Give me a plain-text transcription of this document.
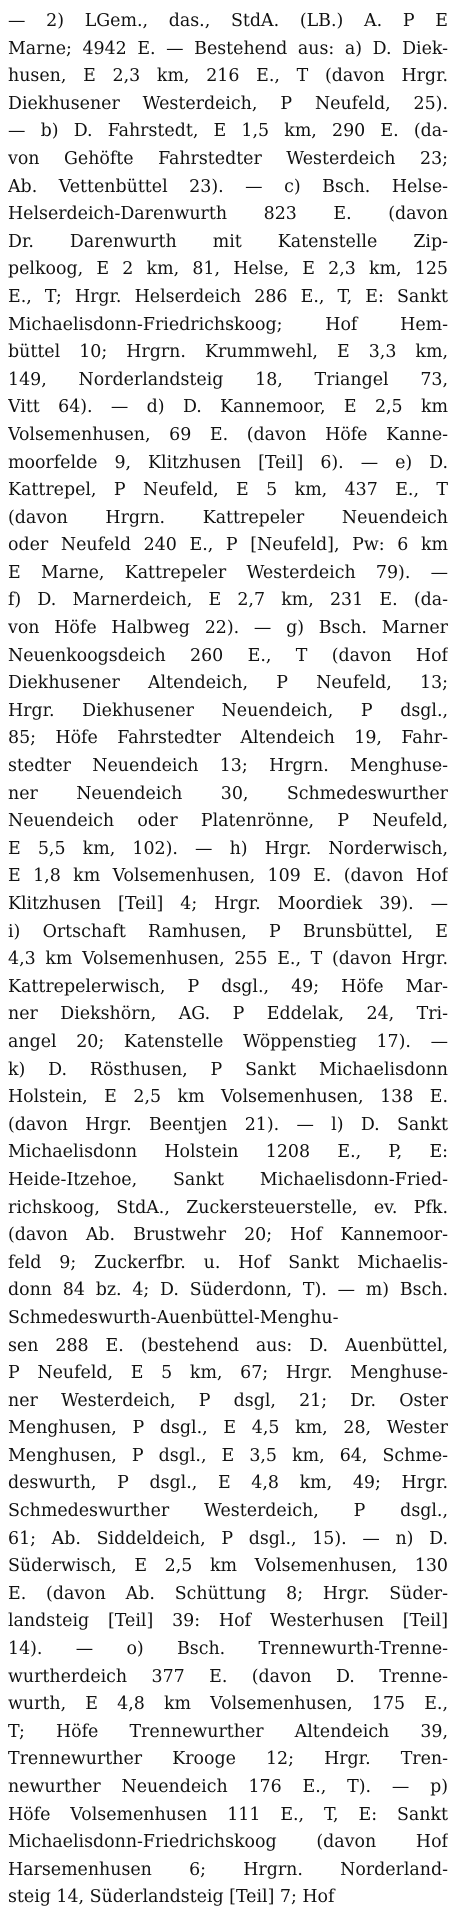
— 2) LGem., das., StdA. (LB.) A. P E
Marne; 4942 E. — Bestehend aus: a) D. Diek-
husen, E 2,3 km, 216 E., T (davon Hrgr.
Diekhusener Westerdeich, P Neufeld, 25).
— b) D. Fahrstedt, E 1,5 km, 290 E. (da-
von Gehöfte Fahrstedter Westerdeich 23;
Ab. Vettenbüttel 23). — c) Bsch. Helse-
Helserdeich-Darenwurth 823 E. (davon
Dr. Darenwurth mit Katenstelle Zip-
pelkoog, E 2 km, 81, Helse, E 2,3 km, 125
E., T; Hrgr. Helserdeich 286 E., T, E: Sankt
Michaelisdonn-Friedrichskoog; Hof Hem-
büttel 10; Hrgrn. Krummwehl, E 3,3 km,
149, Norderlandsteig 18, Triangel 73,
Vitt 64). — d) D. Kannemoor, E 2,5 km
Volsemenhusen, 69 E. (davon Höfe Kanne-
moorfelde 9, Klitzhusen [Teil] 6). — e) D.
Kattrepel, P Neufeld, E 5 km, 437 E., T
(davon Hrgrn. Kattrepeler Neuendeich
oder Neufeld 240 E., P [Neufeld], Pw: 6 km
E Marne, Kattrepeler Westerdeich 79). —
f) D. Marnerdeich, E 2,7 km, 231 E. (da-
von Höfe Halbweg 22). — g) Bsch. Marner
Neuenkoogsdeich 260 E., T (davon Hof
Diekhusener Altendeich, P Neufeld, 13;
Hrgr. Diekhusener Neuendeich, P dsgl.,
85; Höfe Fahrstedter Altendeich 19, Fahr-
stedter Neuendeich 13; Hrgrn. Menghuse-
ner Neuendeich 30, Schmedeswurther
Neuendeich oder Platenrönne, P Neufeld,
E 5,5 km, 102). — h) Hrgr. Norderwisch,
E 1,8 km Volsemenhusen, 109 E. (davon Hof
Klitzhusen [Teil] 4; Hrgr. Moordiek 39). —
i) Ortschaft Ramhusen, P Brunsbüttel, E
4,3 km Volsemenhusen, 255 E., T (davon Hrgr.
Kattrepelerwisch, P dsgl., 49; Höfe Mar-
ner Diekshörn, AG. P Eddelak, 24, Tri-
angel 20; Katenstelle Wöppenstieg 17). —
k) D. Rösthusen, P Sankt Michaelisdonn
Holstein, E 2,5 km Volsemenhusen, 138 E.
(davon Hrgr. Beentjen 21). — l) D. Sankt
Michaelisdonn Holstein 1208 E., P, E:
Heide-Itzehoe, Sankt Michaelisdonn-Fried-
richskoog, StdA., Zuckersteuerstelle, ev. Pfk.
(davon Ab. Brustwehr 20; Hof Kannemoor-
feld 9; Zuckerfbr. u. Hof Sankt Michaelis-
donn 84 bz. 4; D. Süderdonn, T). — m) Bsch.
Schmedeswurth-Auenbüttel-Menghu-
sen 288 E. (bestehend aus: D. Auenbüttel,
P Neufeld, E 5 km, 67; Hrgr. Menghuse-
ner Westerdeich, P dsgl, 21; Dr. Oster
Menghusen, P dsgl., E 4,5 km, 28, Wester
Menghusen, P dsgl., E 3,5 km, 64, Schme-
deswurth, P dsgl., E 4,8 km, 49; Hrgr.
Schmedeswurther Westerdeich, P dsgl.,
61; Ab. Siddeldeich, P dsgl., 15). — n) D.
Süderwisch, E 2,5 km Volsemenhusen, 130
E. (davon Ab. Schüttung 8; Hrgr. Süder-
landsteig [Teil] 39: Hof Westerhusen [Teil]
14). — o) Bsch. Trennewurth-Trenne-
wurtherdeich 377 E. (davon D. Trenne-
wurth, E 4,8 km Volsemenhusen, 175 E.,
T; Höfe Trennewurther Altendeich 39,
Trennewurther Krooge 12; Hrgr. Tren-
newurther Neuendeich 176 E., T). — p)
Höfe Volsemenhusen 111 E., T, E: Sankt
Michaelisdonn-Friedrichskoog (davon Hof
Harsemenhusen 6; Hrgrn. Norderland-
steig 14, Süderlandsteig [Teil] 7; Hof
